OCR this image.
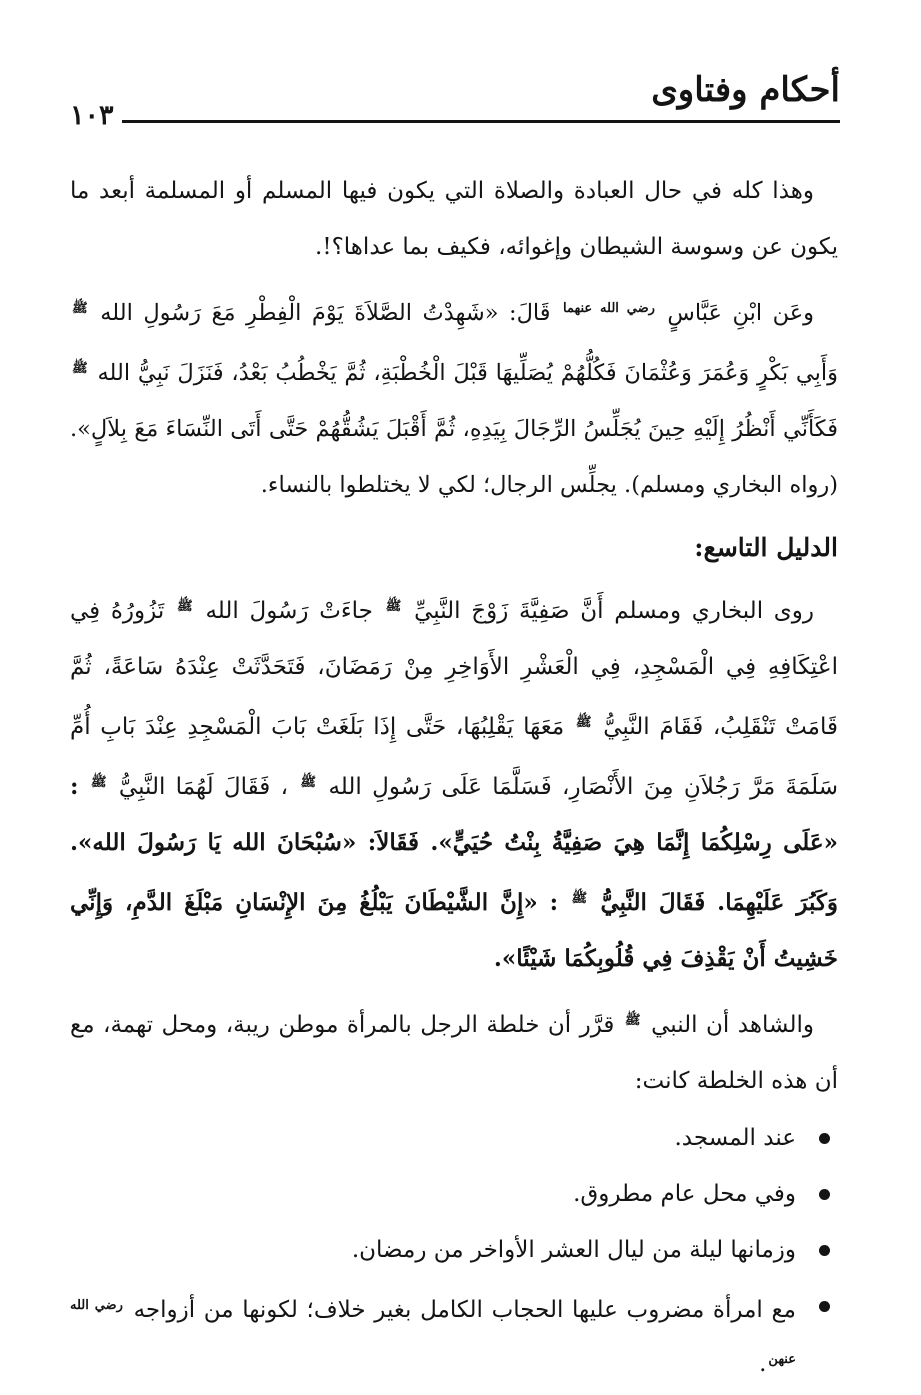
١٠٣
أحكام وفتاوى

وهذا كله في حال العبادة والصلاة التي يكون فيها المسلم أو المسلمة أبعد ما يكون عن وسوسة الشيطان وإغوائه، فكيف بما عداها؟!.

وعَن ابْنِ عَبَّاسٍ $^{رضي الله عنهما}$ قَالَ: «شَهِدْتُ الصَّلاَةَ يَوْمَ الْفِطْرِ مَعَ رَسُولِ الله $^ﷺ$ وَأَبِي بَكْرٍ وَعُمَرَ وَعُثْمَانَ فَكُلُّهُمْ يُصَلِّيهَا قَبْلَ الْخُطْبَةِ، ثُمَّ يَخْطُبُ بَعْدُ، فَنَزَلَ نَبِيُّ الله $^ﷺ$ فَكَأَنِّي أَنْظُرُ إِلَيْهِ حِينَ يُجَلِّسُ الرِّجَالَ بِيَدِهِ، ثُمَّ أَقْبَلَ يَشُقُّهُمْ حَتَّى أَتَى النِّسَاءَ مَعَ بِلاَلٍ». (رواه البخاري ومسلم). يجلِّس الرجال؛ لكي لا يختلطوا بالنساء.

الدليل التاسع:

روى البخاري ومسلم أَنَّ صَفِيَّةَ زَوْجَ النَّبِيِّ $^ﷺ$ جاءَتْ رَسُولَ الله $^ﷺ$ تَزُورُهُ فِي اعْتِكَافِهِ فِي الْمَسْجِدِ، فِي الْعَشْرِ الأَوَاخِرِ مِنْ رَمَضَانَ، فَتَحَدَّثَتْ عِنْدَهُ سَاعَةً، ثُمَّ قَامَتْ تَنْقَلِبُ، فَقَامَ النَّبِيُّ $^ﷺ$ مَعَهَا يَقْلِبُهَا، حَتَّى إِذَا بَلَغَتْ بَابَ الْمَسْجِدِ عِنْدَ بَابِ أُمِّ سَلَمَةَ مَرَّ رَجُلاَنِ مِنَ الأَنْصَارِ، فَسَلَّمَا عَلَى رَسُولِ الله $^ﷺ$ ، فَقَالَ لَهُمَا النَّبِيُّ $^ﷺ$ : «عَلَى رِسْلِكُمَا إِنَّمَا هِيَ صَفِيَّةُ بِنْتُ حُيَيٍّ». فَقَالاَ: «سُبْحَانَ الله يَا رَسُولَ الله». وَكَبُرَ عَلَيْهِمَا. فَقَالَ النَّبِيُّ $^ﷺ$ : «إِنَّ الشَّيْطَانَ يَبْلُغُ مِنَ الإِنْسَانِ مَبْلَغَ الدَّمِ، وَإِنِّي خَشِيتُ أَنْ يَقْذِفَ فِي قُلُوبِكُمَا شَيْئًا».

والشاهد أن النبي $^ﷺ$ قرَّر أن خلطة الرجل بالمرأة موطن ريبة، ومحل تهمة، مع أن هذه الخلطة كانت:

عند المسجد.
وفي محل عام مطروق.
وزمانها ليلة من ليال العشر الأواخر من رمضان.
مع امرأة مضروب عليها الحجاب الكامل بغير خلاف؛ لكونها من أزواجه $^{رضي الله عنهن}$.
